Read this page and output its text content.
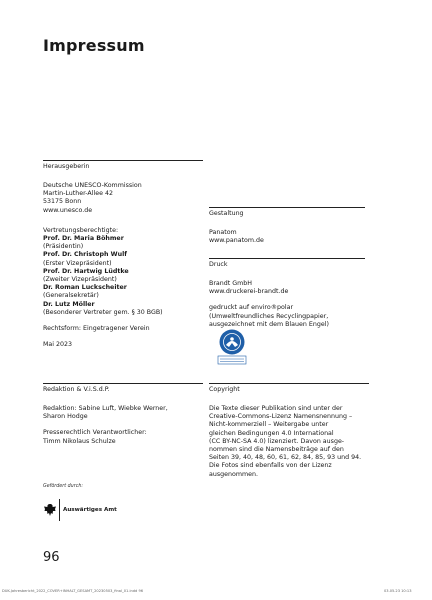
Impressum
Herausgeberin
Deutsche UNESCO-Kommission
Martin-Luther-Allee 42
53175 Bonn
www.unesco.de
Vertretungsberechtigte:
Prof. Dr. Maria Böhmer
(Präsidentin)
Prof. Dr. Christoph Wulf
(Erster Vizepräsident)
Prof. Dr. Hartwig Lüdtke
(Zweiter Vizepräsident)
Dr. Roman Luckscheiter
(Generalsekretär)
Dr. Lutz Möller
(Besonderer Vertreter gem. § 30 BGB)
Rechtsform: Eingetragener Verein
Mai 2023
Gestaltung
Panatom
www.panatom.de
Druck
Brandt GmbH
www.druckerei-brandt.de
gedruckt auf enviro®polar
(Umweltfreundliches Recyclingpapier,
ausgezeichnet mit dem Blauen Engel)
Redaktion & V.i.S.d.P.
Redaktion: Sabine Luft, Wiebke Werner,
Sharon Hodge
Presserechtlich Verantwortlicher:
Timm Nikolaus Schulze
Copyright
Die Texte dieser Publikation sind unter der
Creative-Commons-Lizenz Namensnennung –
Nicht-kommerziell – Weitergabe unter
gleichen Bedingungen 4.0 International
(CC BY-NC-SA 4.0) lizenziert. Davon ausge-
nommen sind die Namensbeiträge auf den
Seiten 39, 40, 48, 60, 61, 62, 84, 85, 93 und 94.
Die Fotos sind ebenfalls von der Lizenz
ausgenommen.
Gefördert durch:
Auswärtiges Amt
96
DUK-Jahresbericht_2022_COVER+INHALT_GESAMT_20230503_final_01.indd 96	03.05.23 10:13
